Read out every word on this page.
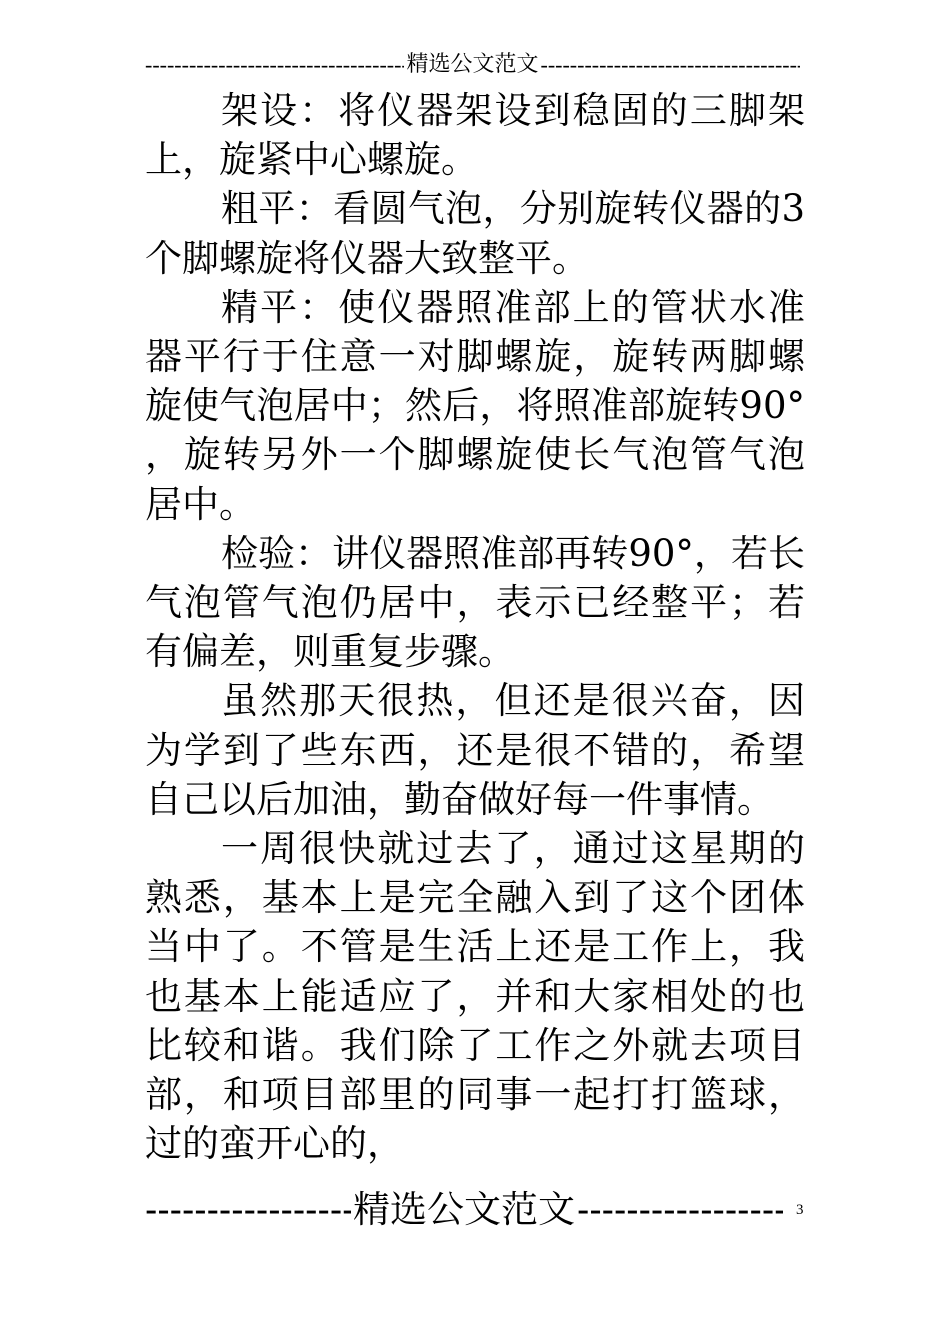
-----
精选公文范文
-----

架设：将仪器架设到稳固的三脚架上，旋紧中心螺旋。

粗平：看圆气泡，分别旋转仪器的3个脚螺旋将仪器大致整平。

精平：使仪器照准部上的管状水准器平行于住意一对脚螺旋，旋转两脚螺旋使气泡居中；然后，将照准部旋转90°，旋转另外一个脚螺旋使长气泡管气泡居中。

检验：讲仪器照准部再转90°，若长气泡管气泡仍居中，表示已经整平；若有偏差，则重复步骤。

虽然那天很热，但还是很兴奋，因为学到了些东西，还是很不错的，希望自己以后加油，勤奋做好每一件事情。

一周很快就过去了，通过这星期的熟悉，基本上是完全融入到了这个团体当中了。不管是生活上还是工作上，我也基本上能适应了，并和大家相处的也比较和谐。我们除了工作之外就去项目部，和项目部里的同事一起打打篮球，过的蛮开心的，

-----
精选公文范文
-----	3
